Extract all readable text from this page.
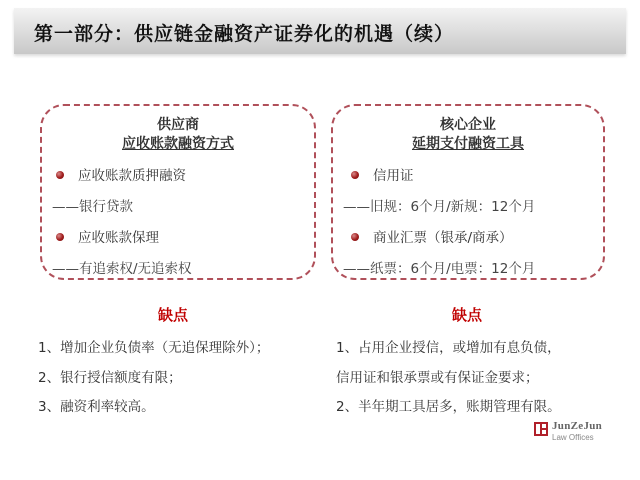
第一部分：供应链金融资产证券化的机遇（续）
供应商
应收账款融资方式
应收账款质押融资
——银行贷款
应收账款保理
——有追索权/无追索权
核心企业
延期支付融资工具
信用证
——旧规：6个月/新规：12个月
商业汇票（银承/商承）
——纸票：6个月/电票：12个月
缺点
1、增加企业负债率（无追保理除外）；
2、银行授信额度有限；
3、融资利率较高。
缺点
1、占用企业授信，或增加有息负债，
信用证和银承票或有保证金要求；
2、半年期工具居多，账期管理有限。
JunZeJun
Law Offices
